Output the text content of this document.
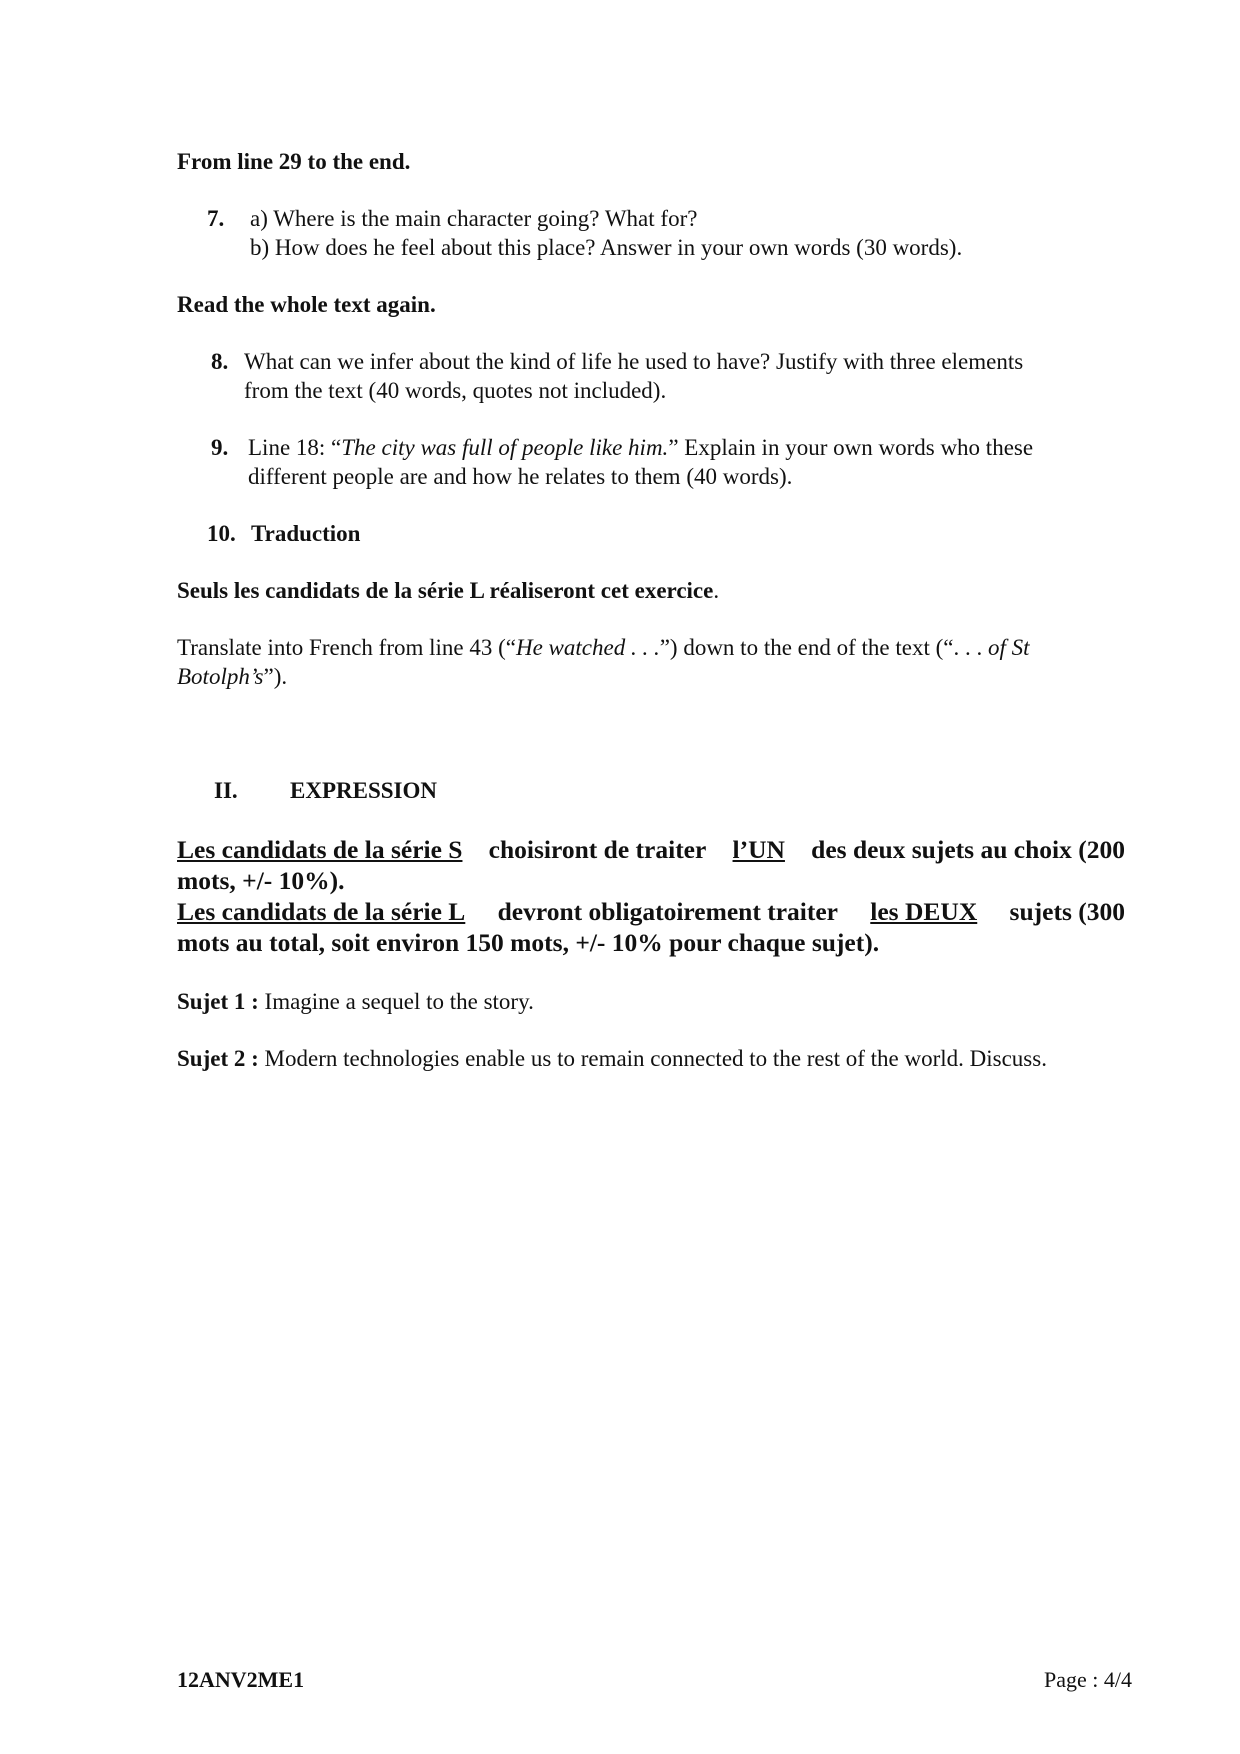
From line 29 to the end.
7. a) Where is the main character going? What for?
b) How does he feel about this place? Answer in your own words (30 words).
Read the whole text again.
8. What can we infer about the kind of life he used to have? Justify with three elements
from the text (40 words, quotes not included).
9. Line 18: “The city was full of people like him.” Explain in your own words who these
different people are and how he relates to them (40 words).
10. Traduction
Seuls les candidats de la série L réaliseront cet exercice.
Translate into French from line 43 (“He watched . . .”) down to the end of the text (“. . . of St
Botolph’s”).
II. EXPRESSION
Les candidats de la série S choisiront de traiter l’UN des deux sujets au choix (200
mots, +/- 10%).
Les candidats de la série L devront obligatoirement traiter les DEUX sujets (300
mots au total, soit environ 150 mots, +/- 10% pour chaque sujet).
Sujet 1 : Imagine a sequel to the story.
Sujet 2 : Modern technologies enable us to remain connected to the rest of the world. Discuss.
12ANV2ME1	Page : 4/4
